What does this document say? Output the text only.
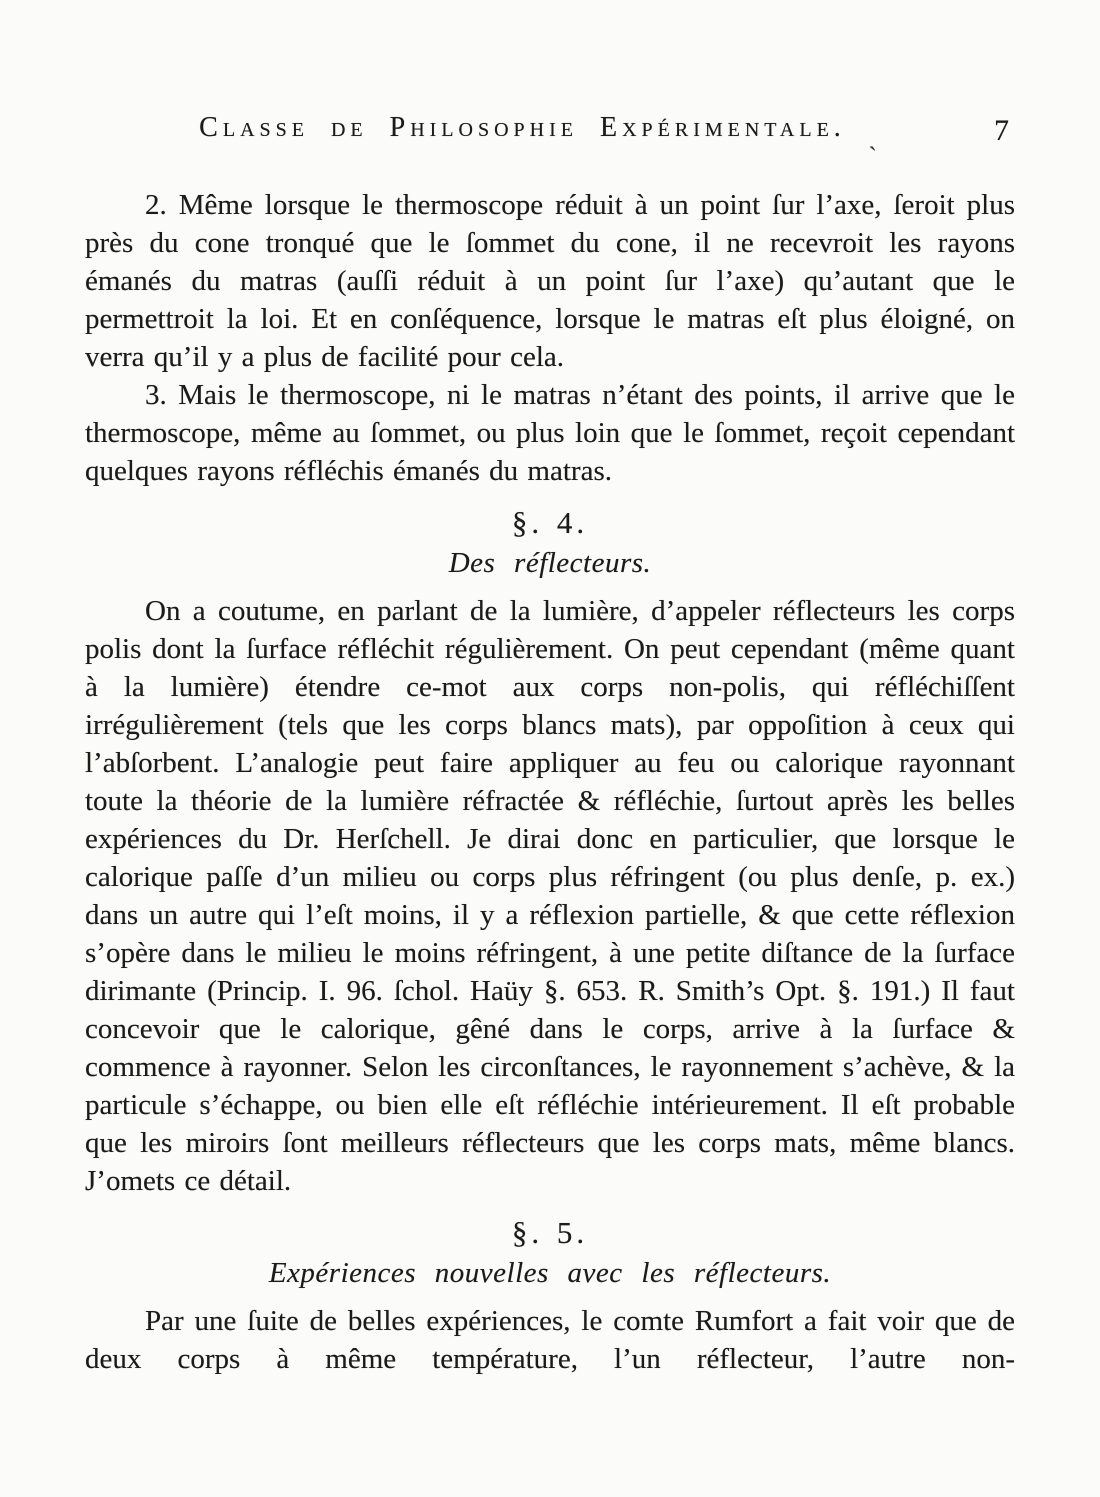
Classe de Philosophie Expérimentale.	7
`

2. Même lorsque le thermoscope réduit à un point ſur l’axe, ſeroit plus près du cone tronqué que le ſommet du cone, il ne recevroit les rayons émanés du matras (auſſi réduit à un point ſur l’axe) qu’autant que le permettroit la loi. Et en conſéquence, lorsque le matras eſt plus éloigné, on verra qu’il y a plus de facilité pour cela.

3. Mais le thermoscope, ni le matras n’étant des points, il arrive que le thermoscope, même au ſommet, ou plus loin que le ſommet, reçoit cependant quelques rayons réfléchis émanés du matras.

§. 4.

Des réflecteurs.

On a coutume, en parlant de la lumière, d’appeler réflecteurs les corps polis dont la ſurface réfléchit régulièrement. On peut cependant (même quant à la lumière) étendre ce-mot aux corps non-polis, qui réfléchiſſent irrégulièrement (tels que les corps blancs mats), par oppoſition à ceux qui l’abſorbent. L’analogie peut faire appliquer au feu ou calorique rayonnant toute la théorie de la lumière réfractée & réfléchie, ſurtout après les belles expériences du Dr. Herſchell. Je dirai donc en particulier, que lorsque le calorique paſſe d’un milieu ou corps plus réfringent (ou plus denſe, p. ex.) dans un autre qui l’eſt moins, il y a réflexion partielle, & que cette réflexion s’opère dans le milieu le moins réfringent, à une petite diſtance de la ſurface dirimante (Princip. I. 96. ſchol. Haüy §. 653. R. Smith’s Opt. §. 191.) Il faut concevoir que le calorique, gêné dans le corps, arrive à la ſurface & commence à rayonner. Selon les circonſtances, le rayonnement s’achève, & la particule s’échappe, ou bien elle eſt réfléchie intérieurement. Il eſt probable que les miroirs ſont meilleurs réflecteurs que les corps mats, même blancs. J’omets ce détail.

§. 5.

Expériences nouvelles avec les réflecteurs.

Par une ſuite de belles expériences, le comte Rumfort a fait voir que de deux corps à même température, l’un réflecteur, l’autre non-
